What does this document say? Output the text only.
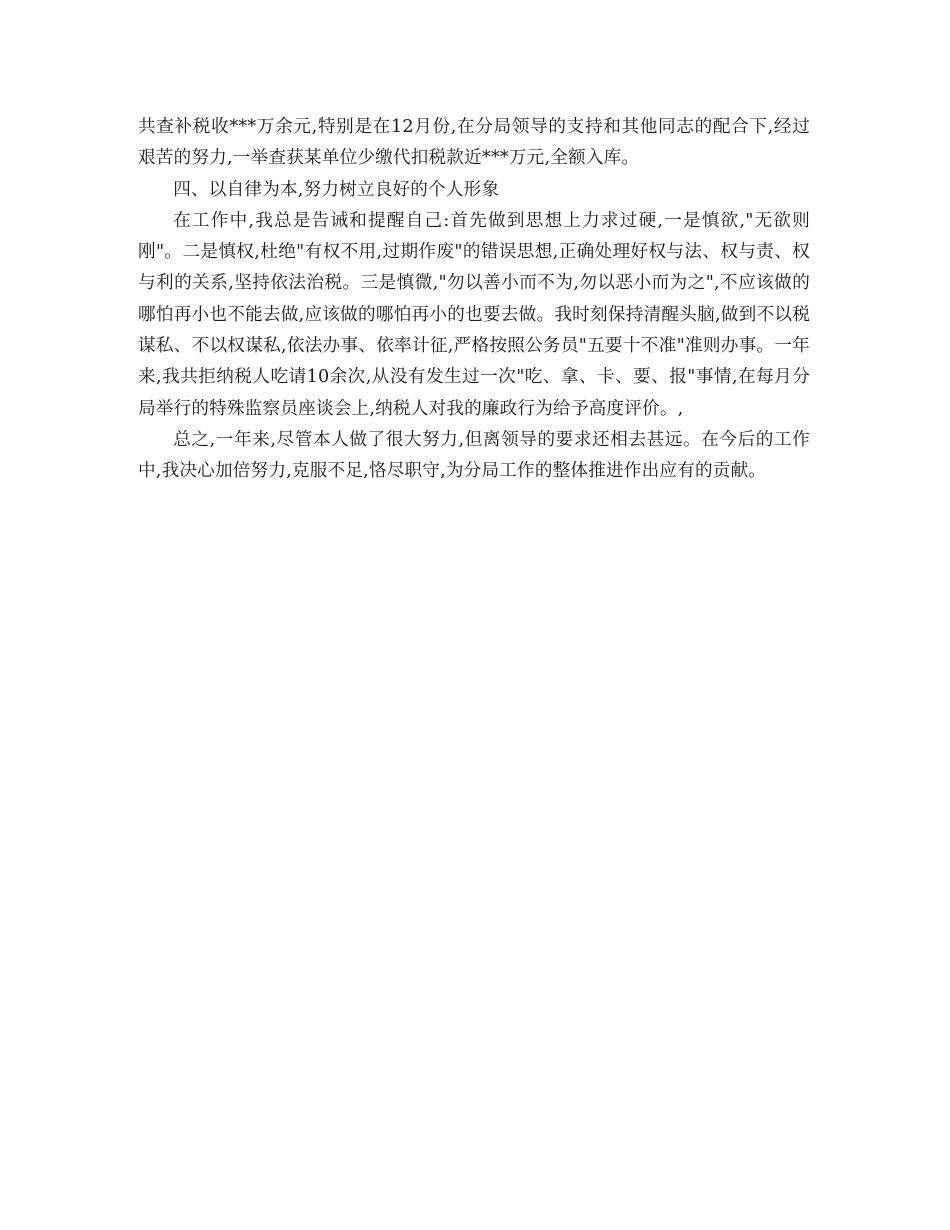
共查补税收***万余元,特别是在12月份,在分局领导的支持和其他同志的配合下,经过艰苦的努力,一举查获某单位少缴代扣税款近***万元,全额入库。

四、以自律为本,努力树立良好的个人形象

在工作中,我总是告诫和提醒自己:首先做到思想上力求过硬,一是慎欲,"无欲则刚"。二是慎权,杜绝"有权不用,过期作废"的错误思想,正确处理好权与法、权与责、权与利的关系,坚持依法治税。三是慎微,"勿以善小而不为,勿以恶小而为之",不应该做的哪怕再小也不能去做,应该做的哪怕再小的也要去做。我时刻保持清醒头脑,做到不以税谋私、不以权谋私,依法办事、依率计征,严格按照公务员"五要十不准"准则办事。一年来,我共拒纳税人吃请10余次,从没有发生过一次"吃、拿、卡、要、报"事情,在每月分局举行的特殊监察员座谈会上,纳税人对我的廉政行为给予高度评价。,

总之,一年来,尽管本人做了很大努力,但离领导的要求还相去甚远。在今后的工作中,我决心加倍努力,克服不足,恪尽职守,为分局工作的整体推进作出应有的贡献。
